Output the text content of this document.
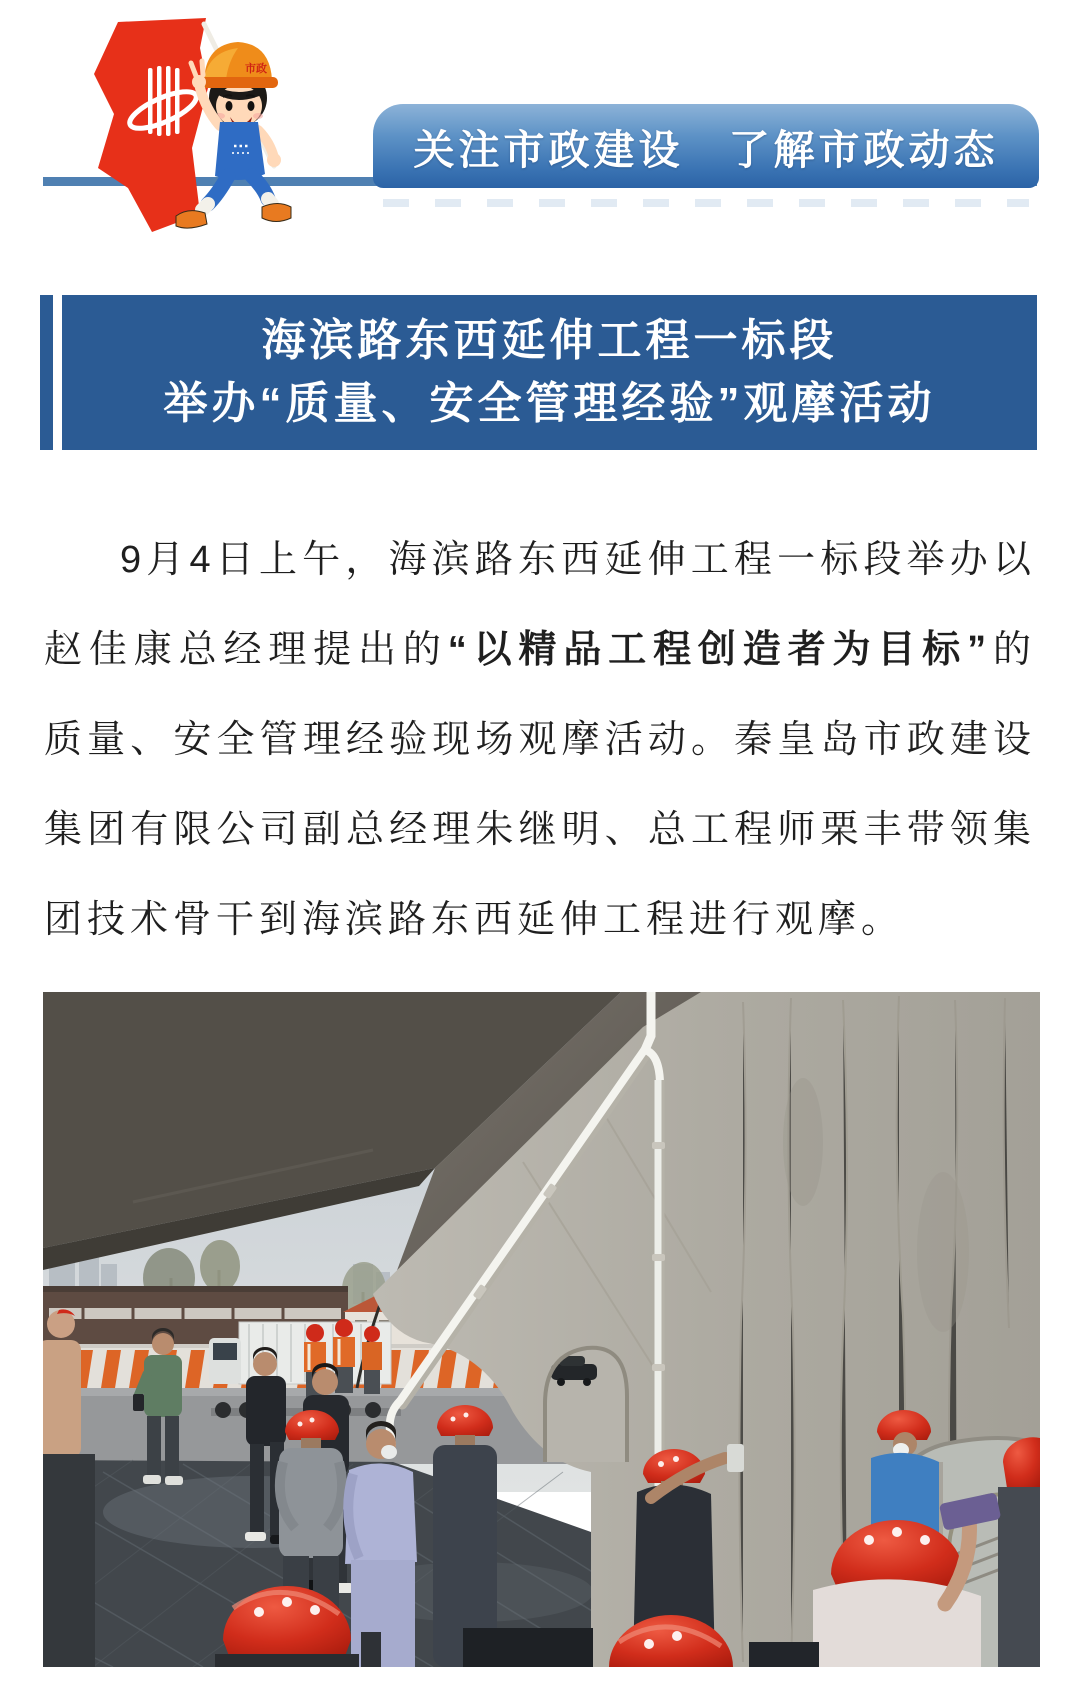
关注市政建设　了解市政动态
市政
海滨路东西延伸工程一标段
举办“质量、安全管理经验”观摩活动

9月4日上午，海滨路东西延伸工程一标段举办以赵佳康总经理提出的“以精品工程创造者为目标”的质量、安全管理经验现场观摩活动。秦皇岛市政建设集团有限公司副总经理朱继明、总工程师栗丰带领集团技术骨干到海滨路东西延伸工程进行观摩。
